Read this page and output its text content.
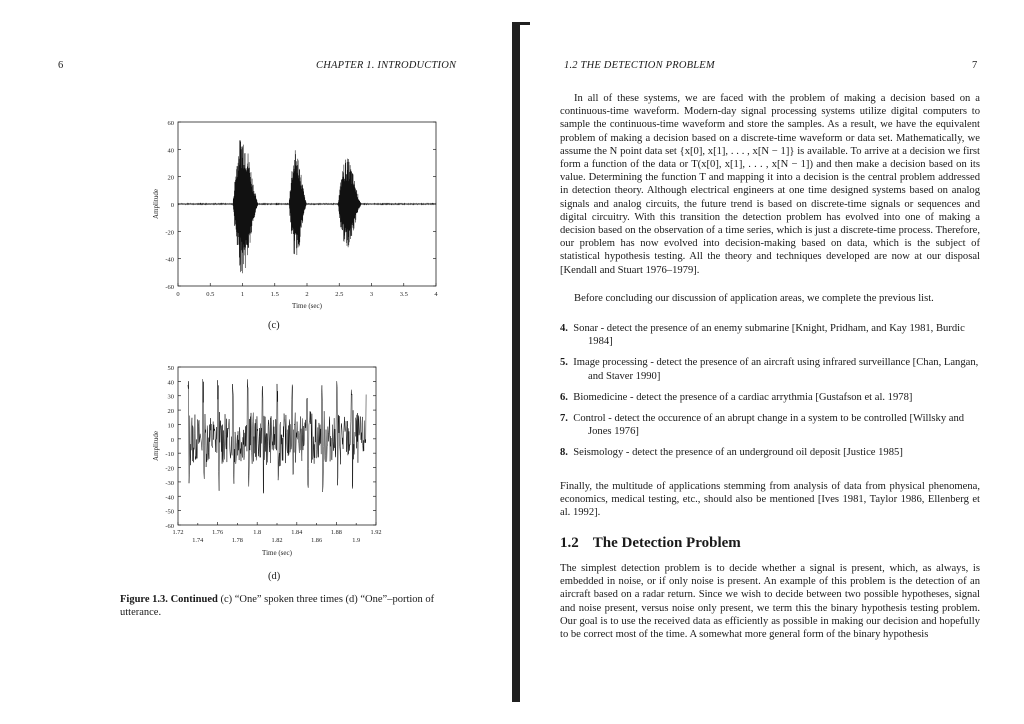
6	CHAPTER 1. INTRODUCTION
60
40
20
0
-20
-40
-60
0	0.5	1	1.5	2	2.5	3	3.5	4
Time (sec)
Amplitude
(c)
50
40
30
20
10
0
-10
-20
-30
-40
-50
-60
1.72	1.76	1.8	1.84	1.88	1.92
1.74	1.78	1.82	1.86	1.9
Time (sec)
Amplitude
(d)
Figure 1.3. Continued (c) “One” spoken three times (d) “One”–portion of utterance.
1.2 THE DETECTION PROBLEM	7
In all of these systems, we are faced with the problem of making a decision based on a continuous-time waveform. Modern-day signal processing systems utilize digital computers to sample the continuous-time waveform and store the samples. As a result, we have the equivalent problem of making a decision based on a discrete-time waveform or data set. Mathematically, we assume the N point data set {x[0], x[1], . . . , x[N − 1]} is available. To arrive at a decision we first form a function of the data or T(x[0], x[1], . . . , x[N − 1]) and then make a decision based on its value. Determining the function T and mapping it into a decision is the central problem addressed in detection theory. Although electrical engineers at one time designed systems based on analog signals and analog circuits, the future trend is based on discrete-time signals or sequences and digital circuitry. With this transition the detection problem has evolved into one of making a decision based on the observation of a time series, which is just a discrete-time process. Therefore, our problem has now evolved into decision-making based on data, which is the subject of statistical hypothesis testing. All the theory and techniques developed are now at our disposal [Kendall and Stuart 1976–1979].
Before concluding our discussion of application areas, we complete the previous list.
4. Sonar - detect the presence of an enemy submarine [Knight, Pridham, and Kay 1981, Burdic 1984]
5. Image processing - detect the presence of an aircraft using infrared surveillance [Chan, Langan, and Staver 1990]
6. Biomedicine - detect the presence of a cardiac arrythmia [Gustafson et al. 1978]
7. Control - detect the occurence of an abrupt change in a system to be controlled [Willsky and Jones 1976]
8. Seismology - detect the presence of an underground oil deposit [Justice 1985]
Finally, the multitude of applications stemming from analysis of data from physical phenomena, economics, medical testing, etc., should also be mentioned [Ives 1981, Taylor 1986, Ellenberg et al. 1992].
1.2 The Detection Problem
The simplest detection problem is to decide whether a signal is present, which, as always, is embedded in noise, or if only noise is present. An example of this problem is the detection of an aircraft based on a radar return. Since we wish to decide between two possible hypotheses, signal and noise present, versus noise only present, we term this the binary hypothesis testing problem. Our goal is to use the received data as efficiently as possible in making our decision and hopefully to be correct most of the time. A somewhat more general form of the binary hypothesis
